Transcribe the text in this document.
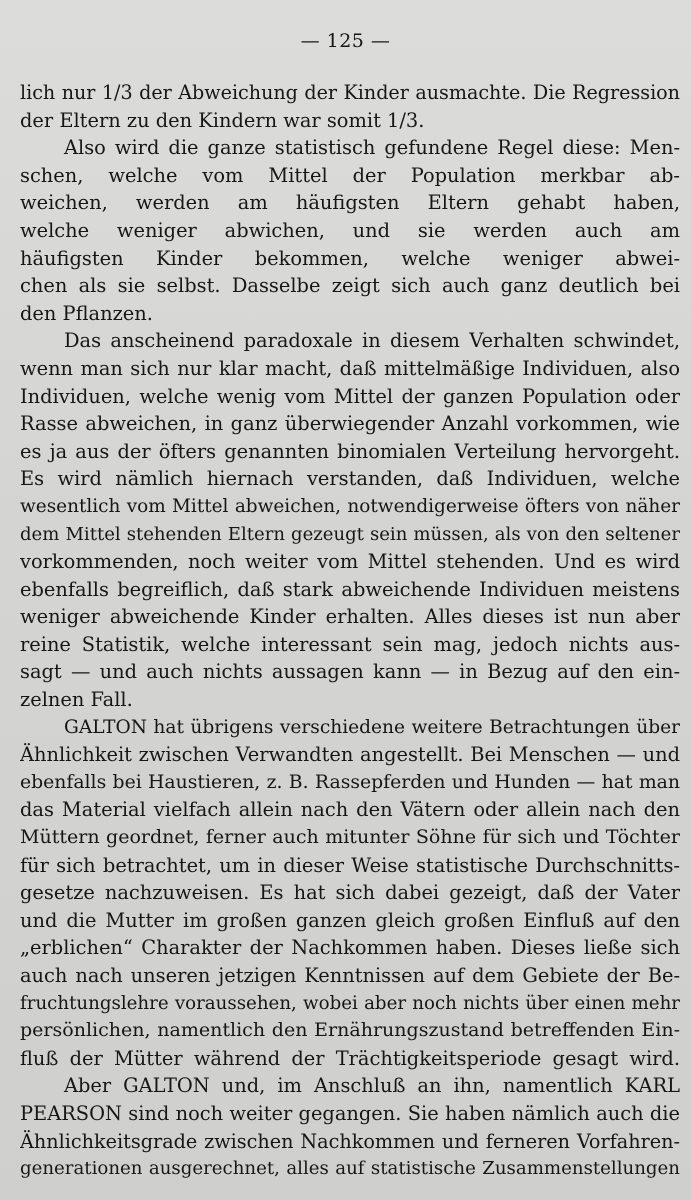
— 125 —
lich nur 1/3 der Abweichung der Kinder ausmachte. Die Regression
der Eltern zu den Kindern war somit 1/3.
Also wird die ganze statistisch gefundene Regel diese: Men-
schen, welche vom Mittel der Population merkbar ab-
weichen, werden am häufigsten Eltern gehabt haben,
welche weniger abwichen, und sie werden auch am
häufigsten Kinder bekommen, welche weniger abwei-
chen als sie selbst. Dasselbe zeigt sich auch ganz deutlich bei
den Pflanzen.
Das anscheinend paradoxale in diesem Verhalten schwindet,
wenn man sich nur klar macht, daß mittelmäßige Individuen, also
Individuen, welche wenig vom Mittel der ganzen Population oder
Rasse abweichen, in ganz überwiegender Anzahl vorkommen, wie
es ja aus der öfters genannten binomialen Verteilung hervorgeht.
Es wird nämlich hiernach verstanden, daß Individuen, welche
wesentlich vom Mittel abweichen, notwendigerweise öfters von näher
dem Mittel stehenden Eltern gezeugt sein müssen, als von den seltener
vorkommenden, noch weiter vom Mittel stehenden. Und es wird
ebenfalls begreiflich, daß stark abweichende Individuen meistens
weniger abweichende Kinder erhalten. Alles dieses ist nun aber
reine Statistik, welche interessant sein mag, jedoch nichts aus-
sagt — und auch nichts aussagen kann — in Bezug auf den ein-
zelnen Fall.
GALTON hat übrigens verschiedene weitere Betrachtungen über
Ähnlichkeit zwischen Verwandten angestellt. Bei Menschen — und
ebenfalls bei Haustieren, z. B. Rassepferden und Hunden — hat man
das Material vielfach allein nach den Vätern oder allein nach den
Müttern geordnet, ferner auch mitunter Söhne für sich und Töchter
für sich betrachtet, um in dieser Weise statistische Durchschnitts-
gesetze nachzuweisen. Es hat sich dabei gezeigt, daß der Vater
und die Mutter im großen ganzen gleich großen Einfluß auf den
„erblichen“ Charakter der Nachkommen haben. Dieses ließe sich
auch nach unseren jetzigen Kenntnissen auf dem Gebiete der Be-
fruchtungslehre voraussehen, wobei aber noch nichts über einen mehr
persönlichen, namentlich den Ernährungszustand betreffenden Ein-
fluß der Mütter während der Trächtigkeitsperiode gesagt wird.
Aber GALTON und, im Anschluß an ihn, namentlich KARL
PEARSON sind noch weiter gegangen. Sie haben nämlich auch die
Ähnlichkeitsgrade zwischen Nachkommen und ferneren Vorfahren-
generationen ausgerechnet, alles auf statistische Zusammenstellungen
